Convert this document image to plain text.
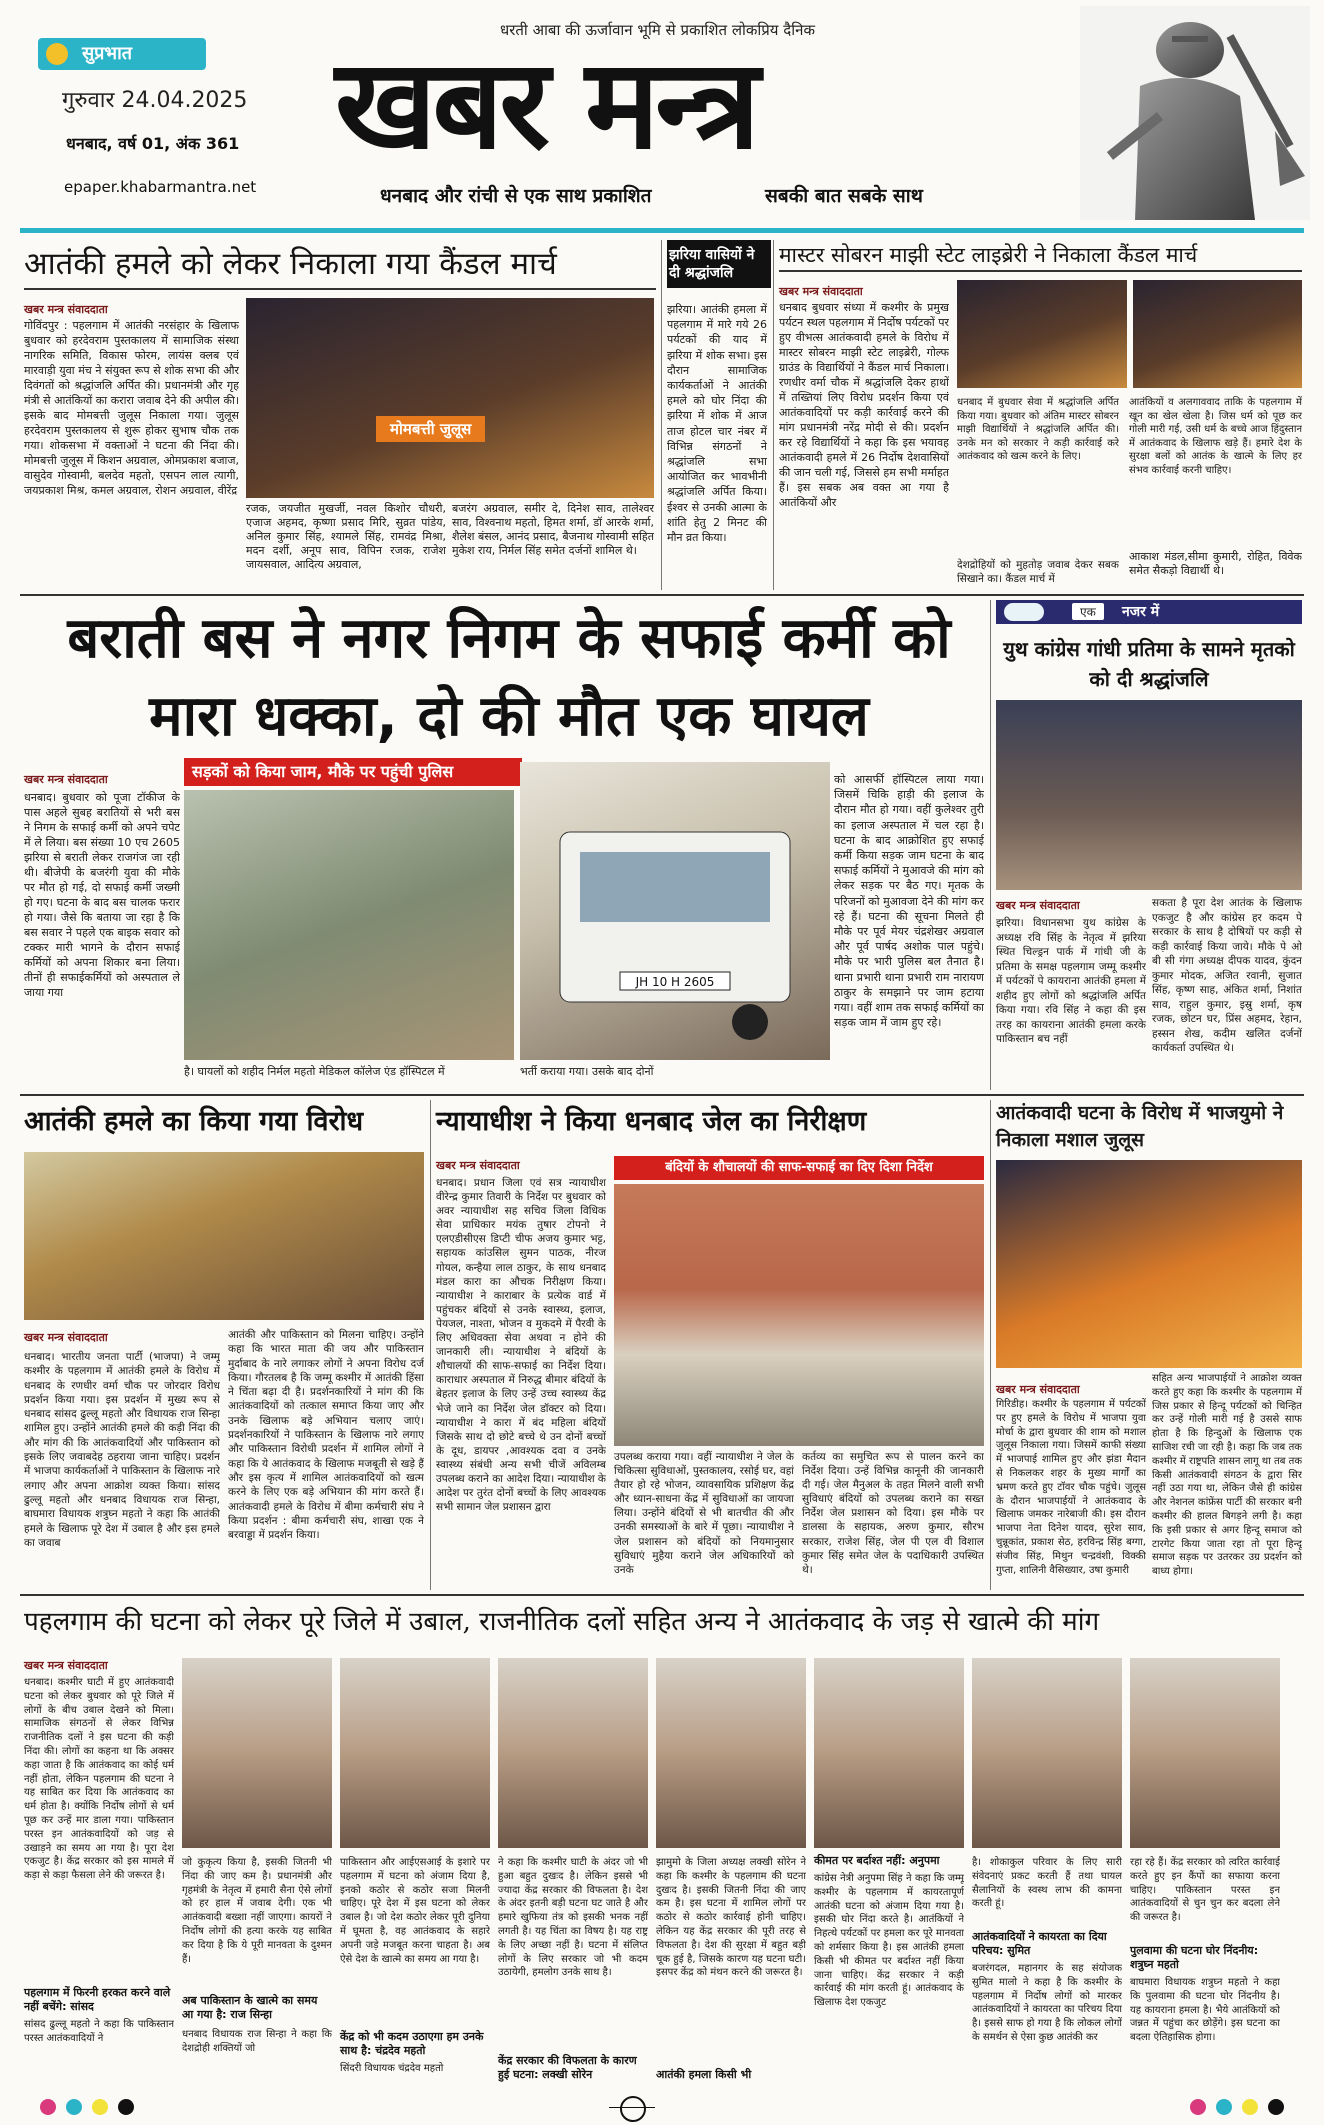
धरती आबा की ऊर्जावान भूमि से प्रकाशित लोकप्रिय दैनिक
सुप्रभात
गुरुवार 24.04.2025
धनबाद, वर्ष 01, अंक 361
epaper.khabarmantra.net
खबर मन्त्र
धनबाद और रांची से एक साथ प्रकाशित	सबकी बात सबके साथ
आतंकी हमले को लेकर निकाला गया कैंडल मार्च
खबर मन्त्र संवाददाता
गोविंदपुर : पहलगाम में आतंकी नरसंहार के खिलाफ बुधवार को हरदेवराम पुस्तकालय में सामाजिक संस्था नागरिक समिति, विकास फोरम, लायंस क्लब एवं मारवाड़ी युवा मंच ने संयुक्त रूप से शोक सभा की और दिवंगतों को श्रद्धांजलि अर्पित की। प्रधानमंत्री और गृह मंत्री से आतंकियों का करारा जवाब देने की अपील की। इसके बाद मोमबत्ती जुलूस निकाला गया। जुलूस हरदेवराम पुस्तकालय से शुरू होकर सुभाष चौक तक गया। शोकसभा में वक्ताओं ने घटना की निंदा की। मोमबत्ती जुलूस में किशन अग्रवाल, ओमप्रकाश बजाज, वासुदेव गोस्वामी, बलदेव महतो, एसपन लाल त्यागी, जयप्रकाश मिश्र, कमल अग्रवाल, रोशन अग्रवाल, वीरेंद्र
मोमबत्ती जुलूस
रजक, जयजीत मुखर्जी, नवल किशोर चौधरी, एजाज अहमद, कृष्णा प्रसाद मिरि, सुव्रत पांडेय, अनिल कुमार सिंह, श्यामले सिंह, रामवंद्र मिश्रा, मदन दर्शी, अनूप साव, विपिन रजक, राजेश जायसवाल, आदित्य अग्रवाल,
बजरंग अग्रवाल, समीर दे, दिनेश साव, तालेश्वर साव, विश्वनाथ महतो, हिमत शर्मा, डॉ आरके शर्मा, शैलेश बंसल, आनंद प्रसाद, बैजनाथ गोस्वामी सहित मुकेश राय, निर्मल सिंह समेत दर्जनों शामिल थे।
झरिया वासियों ने दी श्रद्धांजलि
झरिया। आतंकी हमला में पहलगाम में मारे गये 26 पर्यटकों की याद में झरिया में शोक सभा। इस दौरान सामाजिक कार्यकर्ताओं ने आतंकी हमले को घोर निंदा की झरिया में शोक में आज ताज होटल चार नंबर में विभिन्न संगठनों ने श्रद्धांजलि सभा आयोजित कर भावभीनी श्रद्धांजलि अर्पित किया। ईश्वर से उनकी आत्मा के शांति हेतु 2 मिनट की मौन व्रत किया।
मास्टर सोबरन माझी स्टेट लाइब्रेरी ने निकाला कैंडल मार्च
खबर मन्त्र संवाददाता
धनबाद बुधवार संध्या में कश्मीर के प्रमुख पर्यटन स्थल पहलगाम में निर्दोष पर्यटकों पर हुए वीभत्स आतंकवादी हमले के विरोध में मास्टर सोबरन माझी स्टेट लाइब्रेरी, गोल्फ ग्राउंड के विद्यार्थियों ने कैंडल मार्च निकाला। रणधीर वर्मा चौक में श्रद्धांजलि देकर हाथों में तख्तियां लिए विरोध प्रदर्शन किया एवं आतंकवादियों पर कड़ी कार्रवाई करने की मांग प्रधानमंत्री नरेंद्र मोदी से की। प्रदर्शन कर रहे विद्यार्थियों ने कहा कि इस भयावह आतंकवादी हमले में 26 निर्दोष देशवासियों की जान चली गई, जिससे हम सभी मर्माहत हैं। इस सबक अब वक्त आ गया है आतंकियों और
धनबाद में बुधवार सेवा में श्रद्धांजलि अर्पित किया गया। बुधवार को अंतिम मास्टर सोबरन माझी विद्यार्थियों ने श्रद्धांजलि अर्पित की। उनके मन को सरकार ने कड़ी कार्रवाई करे आतंकवाद को खत्म करने के लिए।
देशद्रोहियों को मुहतोड़ जवाब देकर सबक सिखाने का। कैंडल मार्च में
आतंकियों व अलगाववाद ताकि के पहलगाम में खून का खेल खेला है। जिस धर्म को पूछ कर गोली मारी गई, उसी धर्म के बच्चे आज हिंदुस्तान में आतंकवाद के खिलाफ खड़े हैं। हमारे देश के सुरक्षा बलों को आतंक के खात्मे के लिए हर संभव कार्रवाई करनी चाहिए।
आकाश मंडल,सीमा कुमारी, रोहित, विवेक समेत सैकड़ो विद्यार्थी थे।
बराती बस ने नगर निगम के सफाई कर्मी को मारा धक्का, दो की मौत एक घायल
खबर मन्त्र संवाददाता
धनबाद। बुधवार को पूजा टॉकीज के पास अहले सुबह बरातियों से भरी बस ने निगम के सफाई कर्मी को अपने चपेट में ले लिया। बस संख्या 10 एच 2605 झरिया से बराती लेकर राजगंज जा रही थी। बीजेपी के बजरंगी युवा की मौके पर मौत हो गई, दो सफाई कर्मी जख्मी हो गए। घटना के बाद बस चालक फरार हो गया। जैसे कि बताया जा रहा है कि बस सवार ने पहले एक बाइक सवार को टक्कर मारी भागने के दौरान सफाई कर्मियों को अपना शिकार बना लिया। तीनों ही सफाईकर्मियों को अस्पताल ले जाया गया
सड़कों को किया जाम, मौके पर पहुंची पुलिस
है। घायलों को शहीद निर्मल महतो मेडिकल कॉलेज एंड हॉस्पिटल में
JH 10 H 2605
भर्ती कराया गया। उसके बाद दोनों
को आसर्फी हॉस्पिटल लाया गया। जिसमें चिकि हाड़ी की इलाज के दौरान मौत हो गया। वहीं कुलेश्वर तुरी का इलाज अस्पताल में चल रहा है। घटना के बाद आक्रोशित हुए सफाई कर्मी किया सड़क जाम घटना के बाद सफाई कर्मियों ने मुआवजे की मांग को लेकर सड़क पर बैठ गए। मृतक के परिजनों को मुआवजा देने की मांग कर रहे हैं। घटना की सूचना मिलते ही मौके पर पूर्व मेयर चंद्रशेखर अग्रवाल और पूर्व पार्षद अशोक पाल पहुंचे। मौके पर भारी पुलिस बल तैनात है। थाना प्रभारी थाना प्रभारी राम नारायण ठाकुर के समझाने पर जाम हटाया गया। वहीं शाम तक सफाई कर्मियों का सड़क जाम में जाम हुए रहे।
एक	नजर में
युथ कांग्रेस गांधी प्रतिमा के सामने मृतको को दी श्रद्धांजलि
खबर मन्त्र संवाददाता
झरिया। विधानसभा युथ कांग्रेस के अध्यक्ष रवि सिंह के नेतृत्व में झरिया स्थित चिल्ड्रन पार्क में गांधी जी के प्रतिमा के समक्ष पहलगाम जम्मू कश्मीर में पर्यटकों पे कायराना आतंकी हमला में शहीद हुए लोगों को श्रद्धांजलि अर्पित किया गया। रवि सिंह ने कहा की इस तरह का कायराना आतंकी हमला करके पाकिस्तान बच नहीं
सकता है पूरा देश आतंक के खिलाफ एकजुट है और कांग्रेस हर कदम पे सरकार के साथ है दोषियों पर कड़ी से कड़ी कार्रवाई किया जाये। मौके पे ओ बी सी गंगा अध्यक्ष दीपक यादव, कुंदन कुमार मोदक, अजित रवानी, सुजात सिंह, कृष्ण साह, अंकित शर्मा, निशांत साव, राहुल कुमार, इस्रु शर्मा, कृष रजक, छोटन घर, प्रिंस अहमद, रेहान, हस्सन शेख, कदीम खलित दर्जनों कार्यकर्ता उपस्थित थे।
आतंकी हमले का किया गया विरोध
खबर मन्त्र संवाददाता
धनबाद। भारतीय जनता पार्टी (भाजपा) ने जम्मू कश्मीर के पहलगाम में आतंकी हमले के विरोध में धनबाद के रणधीर वर्मा चौक पर जोरदार विरोध प्रदर्शन किया गया। इस प्रदर्शन में मुख्य रूप से धनबाद सांसद ढुल्लू महतो और विधायक राज सिन्हा शामिल हुए। उन्होंने आतंकी हमले की कड़ी निंदा की और मांग की कि आतंकवादियों और पाकिस्तान को इसके लिए जवाबदेह ठहराया जाना चाहिए। प्रदर्शन में भाजपा कार्यकर्ताओं ने पाकिस्तान के खिलाफ नारे लगाए और अपना आक्रोश व्यक्त किया। सांसद ढुल्लू महतो और धनबाद विधायक राज सिन्हा, बाघमारा विधायक शत्रुघ्न महतो ने कहा कि आतंकी हमले के खिलाफ पूरे देश में उबाल है और इस हमले का जवाब
आतंकी और पाकिस्तान को मिलना चाहिए। उन्होंने कहा कि भारत माता की जय और पाकिस्तान मुर्दाबाद के नारे लगाकर लोगों ने अपना विरोध दर्ज किया। गौरतलब है कि जम्मू कश्मीर में आतंकी हिंसा ने चिंता बढ़ा दी है। प्रदर्शनकारियों ने मांग की कि आतंकवादियों को तत्काल समाप्त किया जाए और उनके खिलाफ बड़े अभियान चलाए जाएं। प्रदर्शनकारियों ने पाकिस्तान के खिलाफ नारे लगाए और पाकिस्तान विरोधी प्रदर्शन में शामिल लोगों ने कहा कि ये आतंकवाद के खिलाफ मजबूती से खड़े हैं और इस कृत्य में शामिल आतंकवादियों को खत्म करने के लिए एक बड़े अभियान की मांग करते हैं। आतंकवादी हमले के विरोध में बीमा कर्मचारी संघ ने किया प्रदर्शन : बीमा कर्मचारी संघ, शाखा एक ने बरवाड्डा में प्रदर्शन किया।
न्यायाधीश ने किया धनबाद जेल का निरीक्षण
खबर मन्त्र संवाददाता
धनबाद। प्रधान जिला एवं सत्र न्यायाधीश वीरेन्द्र कुमार तिवारी के निर्देश पर बुधवार को अवर न्यायाधीश सह सचिव जिला विधिक सेवा प्राधिकार मयंक तुषार टोपनो ने एलएडीसीएस डिप्टी चीफ अजय कुमार भट्ट, सहायक कांउसिल सुमन पाठक, नीरज गोयल, कन्हैया लाल ठाकुर, के साथ धनबाद मंडल कारा का औचक निरीक्षण किया। न्यायाधीश ने काराबार के प्रत्येक वार्ड में पहुंचकर बंदियों से उनके स्वास्थ्य, इलाज, पेयजल, नाश्ता, भोजन व मुकदमे में पैरवी के लिए अधिवक्ता सेवा अथवा न होने की जानकारी ली। न्यायाधीश ने बंदियों के शौचालयों की साफ-सफाई का निर्देश दिया। काराधार अस्पताल में निरुद्ध बीमार बंदियों के बेहतर इलाज के लिए उन्हें उच्च स्वास्थ्य केंद्र भेजे जाने का निर्देश जेल डॉक्टर को दिया। न्यायाधीश ने कारा में बंद महिला बंदियों जिसके साथ दो छोटे बच्चे थे उन दोनों बच्चों के दूध, डायपर ,आवश्यक दवा व उनके स्वास्थ्य संबंधी अन्य सभी चीजें अविलम्ब उपलब्ध कराने का आदेश दिया। न्यायाधीश के आदेश पर तुरंत दोनों बच्चों के लिए आवश्यक सभी सामान जेल प्रशासन द्वारा
बंदियों के शौचालयों की साफ-सफाई का दिए दिशा निर्देश
उपलब्ध कराया गया। वहीं न्यायाधीश ने जेल के चिकित्सा सुविधाओं, पुस्तकालय, रसोई घर, वहां तैयार हो रहे भोजन, व्यावसायिक प्रशिक्षण केंद्र और ध्यान-साधना केंद्र में सुविधाओं का जायजा लिया। उन्होंने बंदियों से भी बातचीत की और उनकी समस्याओं के बारे में पूछा। न्यायाधीश ने जेल प्रशासन को बंदियों को नियमानुसार सुविधाएं मुहैया कराने जेल अधिकारियों को उनके
कर्तव्य का समुचित रूप से पालन करने का निर्देश दिया। उन्हें विभिन्न कानूनी की जानकारी दी गई। जेल मैनुअल के तहत मिलने वाली सभी सुविधाएं बंदियों को उपलब्ध कराने का सख्त निर्देश जेल प्रशासन को दिया। इस मौके पर डालसा के सहायक, अरुण कुमार, सौरभ सरकार, राजेश सिंह, जेल पी एल वी विशाल कुमार सिंह समेत जेल के पदाधिकारी उपस्थित थे।
आतंकवादी घटना के विरोध में भाजयुमो ने निकाला मशाल जुलूस
खबर मन्त्र संवाददाता
गिरिडीह। कश्मीर के पहलगाम में पर्यटकों पर हुए हमले के विरोध में भाजपा युवा मोर्चा के द्वारा बुधवार की शाम को मशाल जुलूस निकाला गया। जिसमें काफी संख्या में भाजपाई शामिल हुए और झंडा मैदान से निकलकर शहर के मुख्य मार्गों का भ्रमण करते हुए टॉवर चौक पहुंचे। जुलूस के दौरान भाजपाईयों ने आतंकवाद के खिलाफ जमकर नारेबाजी की। इस दौरान भाजपा नेता दिनेश यादव, सुरेश साव, चुन्नूकांत, प्रकाश सेठ, हरविन्द्र सिंह बग्गा, संजीव सिंह, मिथुन चन्द्रवंशी, विक्की गुप्ता, शालिनी वैसिख्यार, उषा कुमारी
सहित अन्य भाजपाईयों ने आक्रोश व्यक्त करते हुए कहा कि कश्मीर के पहलगाम में जिस प्रकार से हिन्दू पर्यटकों को चिन्हित कर उन्हें गोली मारी गई है उससे साफ होता है कि हिन्दुओं के खिलाफ एक साजिश रची जा रही है। कहा कि जब तक कश्मीर में राष्ट्रपति शासन लागू था तब तक किसी आतंकवादी संगठन के द्वारा सिर नहीं उठा गया था, लेकिन जैसे ही कांग्रेस और नेशनल कांफ्रेंस पार्टी की सरकार बनी कश्मीर की हालत बिगड़ने लगी है। कहा कि इसी प्रकार से अगर हिन्दू समाज को टारगेट किया जाता रहा तो पूरा हिन्दू समाज सड़क पर उतरकर उग्र प्रदर्शन को बाध्य होगा।
पहलगाम की घटना को लेकर पूरे जिले में उबाल, राजनीतिक दलों सहित अन्य ने आतंकवाद के जड़ से खात्मे की मांग
खबर मन्त्र संवाददाता
धनबाद। कश्मीर घाटी में हुए आतंकवादी घटना को लेकर बुधवार को पूरे जिले में लोगों के बीच उबाल देखने को मिला। सामाजिक संगठनों से लेकर विभिन्न राजनीतिक दलों ने इस घटना की कड़ी निंदा की। लोगों का कहना था कि अक्सर कहा जाता है कि आतंकवाद का कोई धर्म नहीं होता, लेकिन पहलगाम की घटना ने यह साबित कर दिया कि आतंकवाद का धर्म होता है। क्योंकि निर्दोष लोगों से धर्म पूछ कर उन्हें मार डाला गया। पाकिस्तान परस्त इन आतंकवादियों को जड़ से उखाड़ने का समय आ गया है। पूरा देश एकजुट है। केंद्र सरकार को इस मामले में कड़ा से कड़ा फैसला लेने की जरूरत है।
पहलगाम में फिरनी हरकत करने वाले नहीं बचेंगे: सांसद
सांसद ढुल्लू महतो ने कहा कि पाकिस्तान परस्त आतंकवादियों ने
जो कुकृत्य किया है, इसकी जितनी भी निंदा की जाए कम है। प्रधानमंत्री और गृहमंत्री के नेतृत्व में हमारी सैना ऐसे लोगों को हर हाल में जवाब देगी। एक भी आतंकवादी बख्शा नहीं जाएगा। कायरों ने निर्दोष लोगों की हत्या करके यह साबित कर दिया है कि ये पूरी मानवता के दुश्मन हैं।
अब पाकिस्तान के खात्मे का समय आ गया है: राज सिन्हा
धनबाद विधायक राज सिन्हा ने कहा कि देशद्रोही शक्तियों जो
पाकिस्तान और आईएसआई के इशारे पर पहलगाम में घटना को अंजाम दिया है, इनको कठोर से कठोर सजा मिलनी चाहिए। पूरे देश में इस घटना को लेकर उबाल है। जो देश कठोर लेकर पूरी दुनिया में घूमता है, वह आतंकवाद के सहारे अपनी जड़े मजबूत करना चाहता है। अब ऐसे देश के खात्मे का समय आ गया है।
केंद्र को भी कदम उठाएगा हम उनके साथ है: चंद्रदेव महतो
सिंदरी विधायक चंद्रदेव महतो
ने कहा कि कश्मीर घाटी के अंदर जो भी हुआ बहुत दुखःद है। लेकिन इससे भी ज्यादा केंद्र सरकार की विफलता है। देश के अंदर इतनी बड़ी घटना घट जाते है और हमारे खुफिया तंत्र को इसकी भनक नहीं लगती है। यह चिंता का विषय है। यह राष्ट्र के लिए अच्छा नहीं है। घटना में संलिप्त लोगों के लिए सरकार जो भी कदम उठायेगी, हमलोग उनके साथ है।
केंद्र सरकार की विफलता के कारण हुई घटना: लक्खी सोरेन
झामुमो के जिला अध्यक्ष लक्खी सोरेन ने कहा कि कश्मीर के पहलगाम की घटना दुखःद है। इसकी जितनी निंदा की जाए कम है। इस घटना में शामिल लोगों पर कठोर से कठोर कार्रवाई होनी चाहिए। लेकिन यह केंद्र सरकार की पूरी तरह से विफलता है। देश की सुरक्षा में बहुत बड़ी चूक हुई है, जिसके कारण यह घटना घटी। इसपर केंद्र को मंथन करने की जरूरत है।
आतंकी हमला किसी भी
कीमत पर बर्दाश्त नहीं: अनुपमा
कांग्रेस नेत्री अनुपमा सिंह ने कहा कि जम्मू कश्मीर के पहलगाम में कायरतापूर्ण आतंकी घटना को अंजाम दिया गया है। इसकी घोर निंदा करते है। आतंकियों ने निहत्थे पर्यटकों पर हमला कर पूरे मानवता को शर्मसार किया है। इस आतंकी हमला किसी भी कीमत पर बर्दाश्त नहीं किया जाना चाहिए। केंद्र सरकार ने कड़ी कार्रवाई की मांग करती हूं। आतंकवाद के खिलाफ देश एकजुट
है। शोकाकुल परिवार के लिए सारी संवेदनाएं प्रकट करती हैं तथा घायल सैलानियों के स्वस्थ लाभ की कामना करती हूं।
आतंकवादियों ने कायरता का दिया परिचय: सुमित
बजरंगदल, महानगर के सह संयोजक सुमित मालो ने कहा है कि कश्मीर के पहलगाम में निर्दोष लोगों को मारकर आतंकवादियों ने कायरता का परिचय दिया है। इससे साफ हो गया है कि लोकल लोगों के समर्थन से ऐसा कुछ आतंकी कर
रहा रहे हैं। केंद्र सरकार को त्वरित कार्रवाई करते हुए इन कैंपों का सफाया करना चाहिए। पाकिस्तान परस्त इन आतंकवादियों से चुन चुन कर बदला लेने की जरूरत है।
पुलवामा की घटना घोर निंदनीय: शत्रुघ्न महतो
बाघमारा विधायक शत्रुघ्न महतो ने कहा कि पुलवामा की घटना घोर निंदनीय है। यह कायराना हमला है। भैये आतंकियों को जन्नत में पहुंचा कर छोड़ेंगे। इस घटना का बदला ऐतिहासिक होगा।
